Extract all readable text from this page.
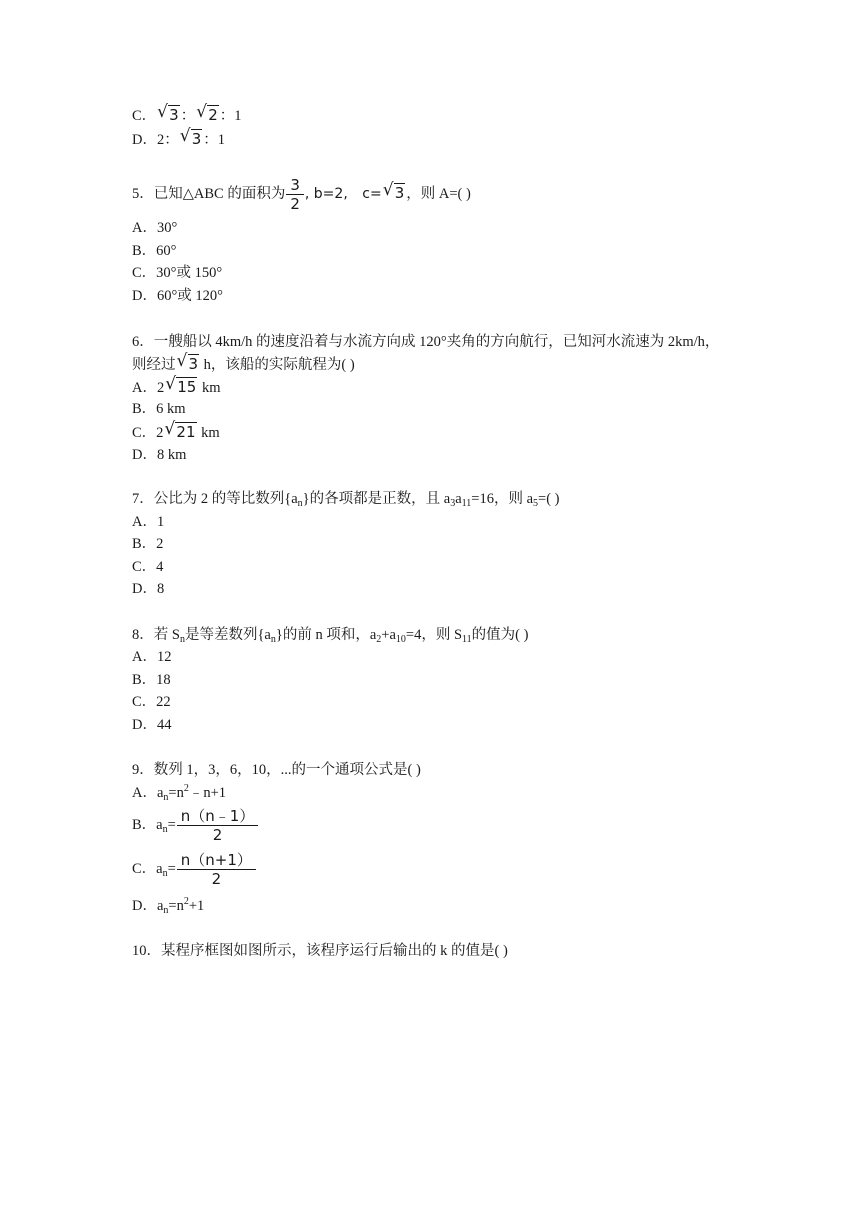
C． √ 3 ： √ 2 ：1
D．2： √ 3 ：1
5．已知△ABC 的面积为 $\frac{3}{2}$ , b=2, c= √ 3 ，则 A=( )
A．30°
B．60°
C．30°或 150°
D．60°或 120°
6．一艘船以 4km/h 的速度沿着与水流方向成 120°夹角的方向航行，已知河水流速为 2km/h，
则经过 √ 3 h，该船的实际航程为( )
A．2 √ 15 km
B．6 km
C．2 √ 21 km
D．8 km
7．公比为 2 的等比数列$\{a_n\}$的各项都是正数，且 $a_3a_{11}=16$，则 $a_5=$( )
A．1
B．2
C．4
D．8
8．若 $S_n$是等差数列$\{a_n\}$的前 n 项和，$a_2+a_{10}=4$，则 $S_{11}$的值为( )
A．12
B．18
C．22
D．44
9．数列 1，3，6，10，...的一个通项公式是( )
A．$a_n=n^2﹣n+1$
B．$a_n= \frac{n(n﹣1)}{2}$
C．$a_n= \frac{n(n+1)}{2}$
D．$a_n=n^2+1$
10．某程序框图如图所示，该程序运行后输出的 k 的值是( )
